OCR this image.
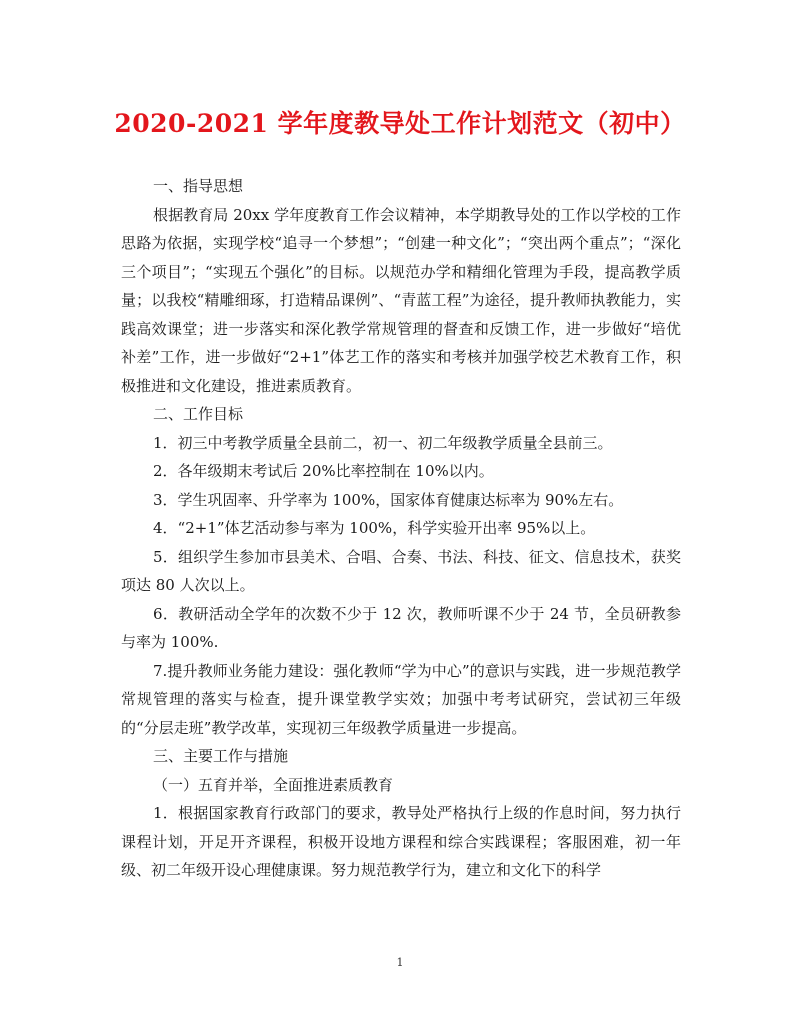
2020-2021 学年度教导处工作计划范文（初中）

一、指导思想

根据教育局 20xx 学年度教育工作会议精神，本学期教导处的工作以学校的工作思路为依据，实现学校“追寻一个梦想”；“创建一种文化”；“突出两个重点”；“深化三个项目”；“实现五个强化”的目标。以规范办学和精细化管理为手段，提高教学质量；以我校“精雕细琢，打造精品课例”、“青蓝工程”为途径，提升教师执教能力，实践高效课堂；进一步落实和深化教学常规管理的督查和反馈工作，进一步做好“培优补差”工作，进一步做好“2+1”体艺工作的落实和考核并加强学校艺术教育工作，积极推进和文化建设，推进素质教育。

二、工作目标

1．初三中考教学质量全县前二，初一、初二年级教学质量全县前三。

2．各年级期末考试后 20%比率控制在 10%以内。

3．学生巩固率、升学率为 100%，国家体育健康达标率为 90%左右。

4．“2+1”体艺活动参与率为 100%，科学实验开出率 95%以上。

5．组织学生参加市县美术、合唱、合奏、书法、科技、征文、信息技术，获奖项达 80 人次以上。

6．教研活动全学年的次数不少于 12 次，教师听课不少于 24 节，全员研教参与率为 100%.

7.提升教师业务能力建设：强化教师“学为中心”的意识与实践，进一步规范教学常规管理的落实与检查，提升课堂教学实效；加强中考考试研究，尝试初三年级的“分层走班”教学改革，实现初三年级教学质量进一步提高。

三、主要工作与措施

（一）五育并举，全面推进素质教育

1．根据国家教育行政部门的要求，教导处严格执行上级的作息时间，努力执行课程计划，开足开齐课程，积极开设地方课程和综合实践课程；客服困难，初一年级、初二年级开设心理健康课。努力规范教学行为，建立和文化下的科学

1
